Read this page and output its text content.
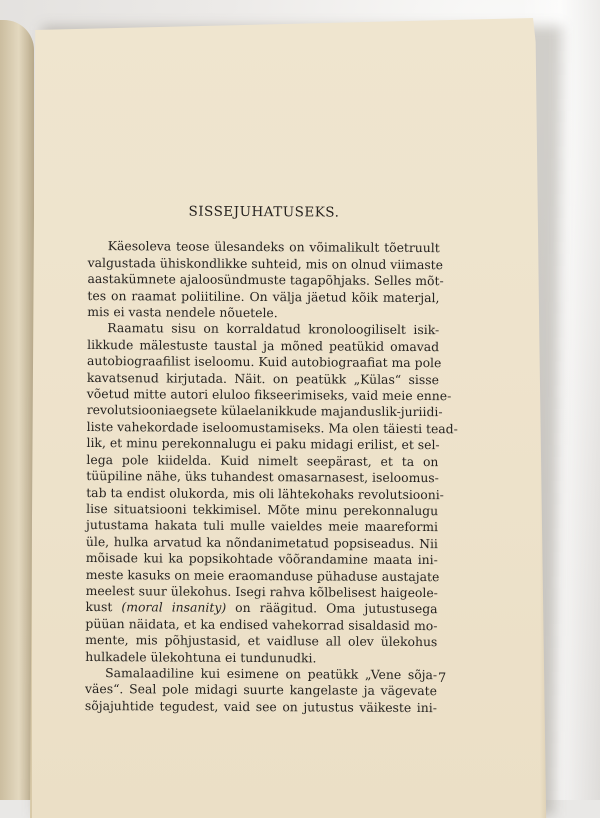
SISSEJUHATUSEKS.
Käesoleva teose ülesandeks on võimalikult tõetruult
valgustada ühiskondlikke suhteid, mis on olnud viimaste
aastakümnete ajaloosündmuste tagapõhjaks. Selles mõt-
tes on raamat poliitiline. On välja jäetud kõik materjal,
mis ei vasta nendele nõuetele.
Raamatu sisu on korraldatud kronoloogiliselt isik-
likkude mälestuste taustal ja mõned peatükid omavad
autobiograafilist iseloomu. Kuid autobiograafiat ma pole
kavatsenud kirjutada. Näit. on peatükk „Külas“ sisse
võetud mitte autori eluloo fikseerimiseks, vaid meie enne-
revolutsiooniaegsete külaelanikkude majanduslik-juriidi-
liste vahekordade iseloomustamiseks. Ma olen täiesti tead-
lik, et minu perekonnalugu ei paku midagi erilist, et sel-
lega pole kiidelda. Kuid nimelt seepärast, et ta on
tüüpiline nähe, üks tuhandest omasarnasest, iseloomus-
tab ta endist olukorda, mis oli lähtekohaks revolutsiooni-
lise situatsiooni tekkimisel. Mõte minu perekonnalugu
jutustama hakata tuli mulle vaieldes meie maareformi
üle, hulka arvatud ka nõndanimetatud popsiseadus. Nii
mõisade kui ka popsikohtade võõrandamine maata ini-
meste kasuks on meie eraomanduse pühaduse austajate
meelest suur ülekohus. Isegi rahva kõlbelisest haigeole-
kust (moral insanity) on räägitud. Oma jutustusega
püüan näidata, et ka endised vahekorrad sisaldasid mo-
mente, mis põhjustasid, et vaidluse all olev ülekohus
hulkadele ülekohtuna ei tundunudki.
Samalaadiline kui esimene on peatükk „Vene sõja-
väes“. Seal pole midagi suurte kangelaste ja vägevate
sõjajuhtide tegudest, vaid see on jutustus väikeste ini-
7
